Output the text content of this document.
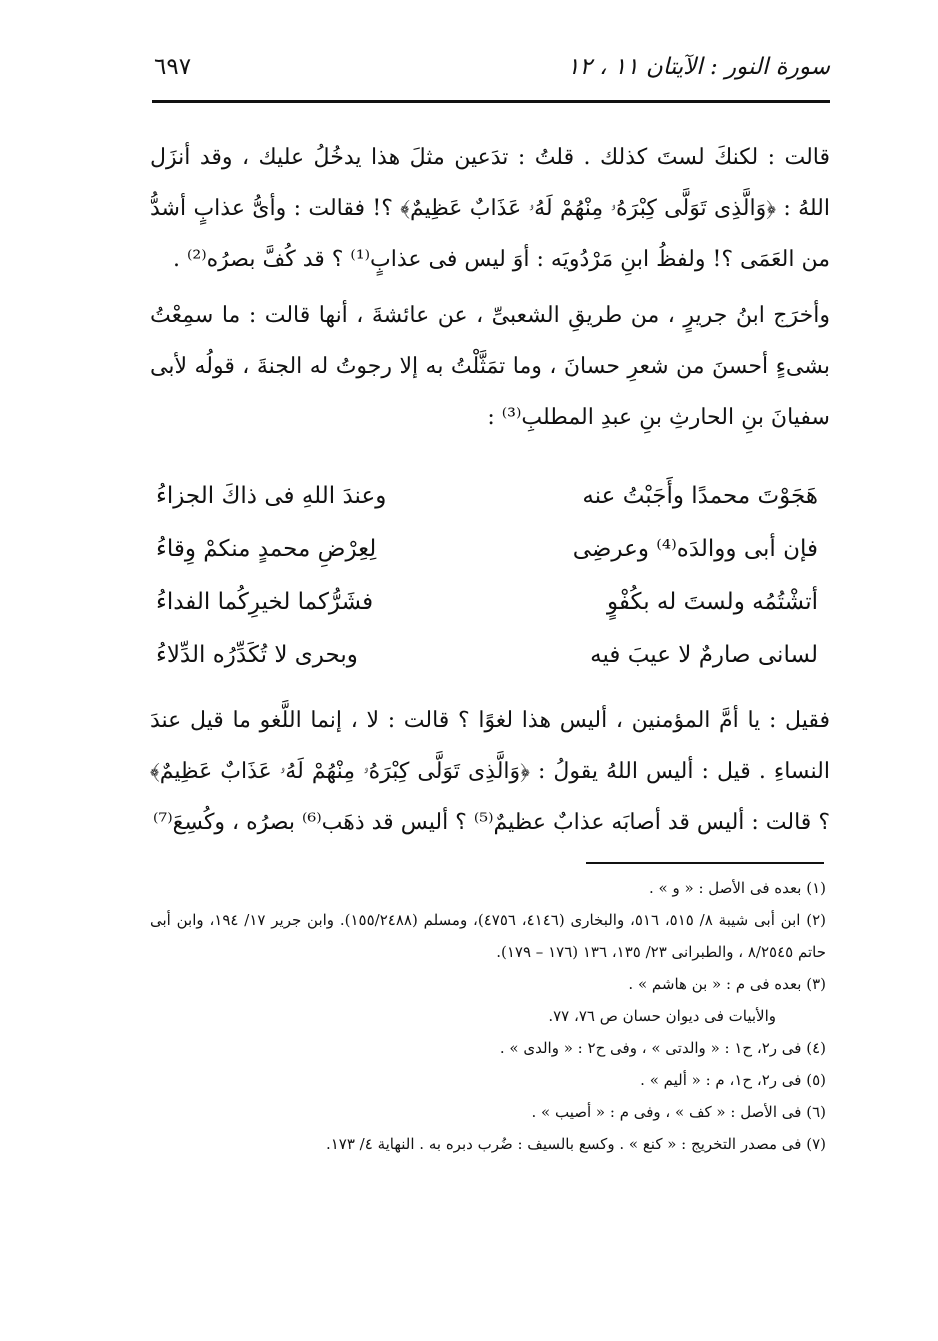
سورة النور : الآيتان ١١ ، ١٢
٦٩٧

قالت : لكنكَ لستَ كذلك . قلتُ : تدَعين مثلَ هذا يدخُلُ عليك ، وقد أنزَل اللهُ : ﴿وَالَّذِى تَوَلَّى كِبْرَهُۥ مِنْهُمْ لَهُۥ عَذَابٌ عَظِيمٌ﴾ ؟! فقالت : وأىُّ عذابٍ أشدُّ من العَمَى ؟! ولفظُ ابنِ مَرْدُويَه : أوَ ليس فى عذابٍ⁽¹⁾ ؟ قد كُفَّ بصرُه⁽²⁾ .

وأخرَج ابنُ جريرٍ ، من طريقِ الشعبىِّ ، عن عائشةَ ، أنها قالت : ما سمِعْتُ بشىءٍ أحسنَ من شعرِ حسانَ ، وما تمَثَّلْتُ به إلا رجوتُ له الجنةَ ، قولُه لأبى سفيانَ بنِ الحارثِ بنِ عبدِ المطلبِ⁽³⁾ :

هَجَوْتَ محمدًا وأَجَبْتُ عنه
وعندَ اللهِ فى ذاكَ الجزاءُ
فإن أبى ووالدَه⁽⁴⁾ وعرضِى
لِعِرْضِ محمدٍ منكمْ وِقاءُ
أتشْتُمُه ولستَ له بكُفْوٍ
فشَرُّكما لخيرِكُما الفداءُ
لسانى صارمٌ لا عيبَ فيه
وبحرى لا تُكَدِّرُه الدِّلاءُ

فقيل : يا أمَّ المؤمنين ، أليس هذا لغوًا ؟ قالت : لا ، إنما اللَّغو ما قيل عندَ النساءِ . قيل : أليس اللهُ يقولُ : ﴿وَالَّذِى تَوَلَّى كِبْرَهُۥ مِنْهُمْ لَهُۥ عَذَابٌ عَظِيمٌ﴾ ؟ قالت : أليس قد أصابَه عذابٌ عظيمٌ⁽⁵⁾ ؟ أليس قد ذهَب⁽⁶⁾ بصرُه ، وكُسِعَ⁽⁷⁾

(١) بعده فى الأصل : « و » .

(٢) ابن أبى شيبة ٨/ ٥١٥، ٥١٦، والبخارى (٤١٤٦، ٤٧٥٦)، ومسلم (١٥٥/٢٤٨٨). وابن جرير ١٧/ ١٩٤، وابن أبى حاتم ٨/٢٥٤٥ ، والطبرانى ٢٣/ ١٣٥، ١٣٦ (١٧٦ – ١٧٩).

(٣) بعده فى م : « بن هاشم » .

والأبيات فى ديوان حسان ص ٧٦، ٧٧.

(٤) فى ر٢، ح١ : « والدتى » ، وفى ح٢ : « والدى » .

(٥) فى ر٢، ح١، م : « أليم » .

(٦) فى الأصل : « كف » ، وفى م : « أصيب » .

(٧) فى مصدر التخريج : « كنع » . وكسع بالسيف : ضُرب دبره به . النهاية ٤/ ١٧٣.
